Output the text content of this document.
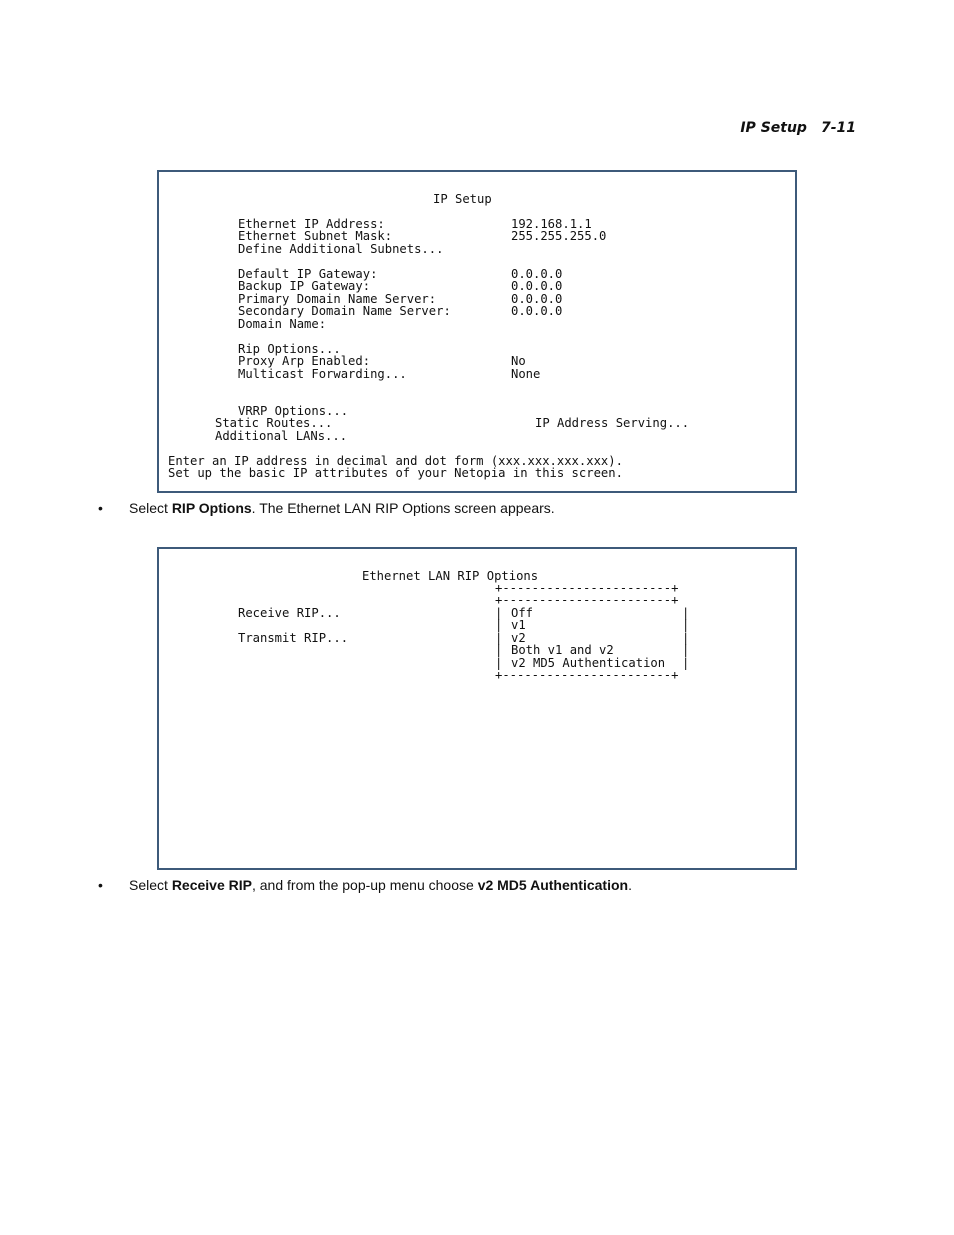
IP Setup 7-11
IP Setup
Ethernet IP Address:	192.168.1.1
Ethernet Subnet Mask:	255.255.255.0
Define Additional Subnets...
Default IP Gateway:	0.0.0.0
Backup IP Gateway:	0.0.0.0
Primary Domain Name Server:	0.0.0.0
Secondary Domain Name Server:	0.0.0.0
Domain Name:
Rip Options...
Proxy Arp Enabled:	No
Multicast Forwarding...	None
VRRP Options...
Static Routes...	IP Address Serving...
Additional LANs...
Enter an IP address in decimal and dot form (xxx.xxx.xxx.xxx).
Set up the basic IP attributes of your Netopia in this screen.
• Select RIP Options. The Ethernet LAN RIP Options screen appears.
Ethernet LAN RIP Options
Receive RIP...
Transmit RIP...
+-----------------------+
+-----------------------+
|
|
|
|
|
|
|
|
|
|
Off
v1
v2
Both v1 and v2
v2 MD5 Authentication
+-----------------------+
• Select Receive RIP, and from the pop-up menu choose v2 MD5 Authentication.
